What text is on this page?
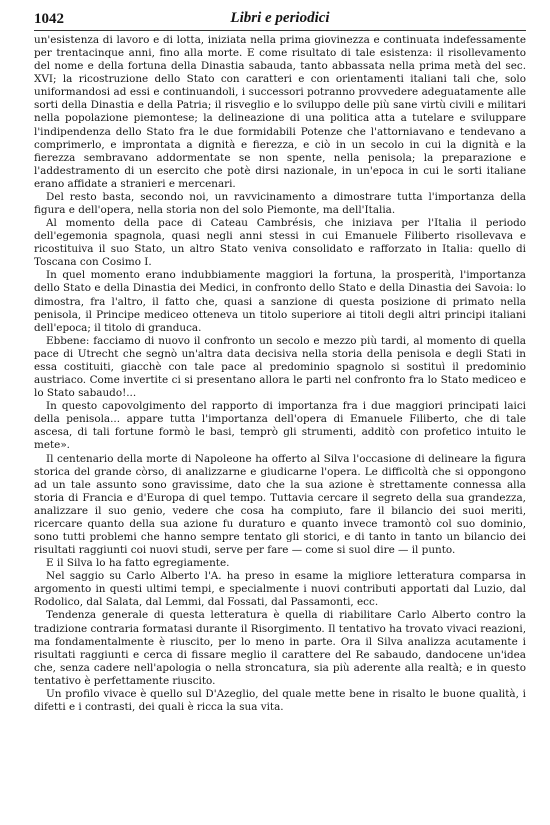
1042	Libri e periodici

un'esistenza di lavoro e di lotta, iniziata nella prima giovinezza e continuata indefessamente per trentacinque anni, fino alla morte. E come risultato di tale esistenza: il risollevamento del nome e della fortuna della Dinastia sabauda, tanto abbassata nella prima metà del sec. XVI; la ricostruzione dello Stato con caratteri e con orientamenti italiani tali che, solo uniformandosi ad essi e continuandoli, i successori potranno provvedere adeguatamente alle sorti della Dinastia e della Patria; il risveglio e lo sviluppo delle più sane virtù civili e militari nella popolazione piemontese; la delineazione di una politica atta a tutelare e sviluppare l'indipendenza dello Stato fra le due formidabili Potenze che l'attorniavano e tendevano a comprimerlo, e improntata a dignità e fierezza, e ciò in un secolo in cui la dignità e la fierezza sembravano addormentate se non spente, nella penisola; la preparazione e l'addestramento di un esercito che potè dirsi nazionale, in un'epoca in cui le sorti italiane erano affidate a stranieri e mercenari.

Del resto basta, secondo noi, un ravvicinamento a dimostrare tutta l'importanza della figura e dell'opera, nella storia non del solo Piemonte, ma dell'Italia.

Al momento della pace di Cateau Cambrésis, che iniziava per l'Italia il periodo dell'egemonia spagnola, quasi negli anni stessi in cui Emanuele Filiberto risollevava e ricostituiva il suo Stato, un altro Stato veniva consolidato e rafforzato in Italia: quello di Toscana con Cosimo I.

In quel momento erano indubbiamente maggiori la fortuna, la prosperità, l'importanza dello Stato e della Dinastia dei Medici, in confronto dello Stato e della Dinastia dei Savoia: lo dimostra, fra l'altro, il fatto che, quasi a sanzione di questa posizione di primato nella penisola, il Principe mediceo otteneva un titolo superiore ai titoli degli altri principi italiani dell'epoca; il titolo di granduca.

Ebbene: facciamo di nuovo il confronto un secolo e mezzo più tardi, al momento di quella pace di Utrecht che segnò un'altra data decisiva nella storia della penisola e degli Stati in essa costituiti, giacchè con tale pace al predominio spagnolo si sostituì il predominio austriaco. Come invertite ci si presentano allora le parti nel confronto fra lo Stato mediceo e lo Stato sabaudo!...

In questo capovolgimento del rapporto di importanza fra i due maggiori principati laici della penisola... appare tutta l'importanza dell'opera di Emanuele Filiberto, che di tale ascesa, di tali fortune formò le basi, temprò gli strumenti, additò con profetico intuito le mete».

Il centenario della morte di Napoleone ha offerto al Silva l'occasione di delineare la figura storica del grande còrso, di analizzarne e giudicarne l'opera. Le difficoltà che si oppongono ad un tale assunto sono gravissime, dato che la sua azione è strettamente connessa alla storia di Francia e d'Europa di quel tempo. Tuttavia cercare il segreto della sua grandezza, analizzare il suo genio, vedere che cosa ha compiuto, fare il bilancio dei suoi meriti, ricercare quanto della sua azione fu duraturo e quanto invece tramontò col suo dominio, sono tutti problemi che hanno sempre tentato gli storici, e di tanto in tanto un bilancio dei risultati raggiunti coi nuovi studi, serve per fare — come si suol dire — il punto.

E il Silva lo ha fatto egregiamente.

Nel saggio su Carlo Alberto l'A. ha preso in esame la migliore letteratura comparsa in argomento in questi ultimi tempi, e specialmente i nuovi contributi apportati dal Luzio, dal Rodolico, dal Salata, dal Lemmi, dal Fossati, dal Passamonti, ecc.

Tendenza generale di questa letteratura è quella di riabilitare Carlo Alberto contro la tradizione contraria formatasi durante il Risorgimento. Il tentativo ha trovato vivaci reazioni, ma fondamentalmente è riuscito, per lo meno in parte. Ora il Silva analizza acutamente i risultati raggiunti e cerca di fissare meglio il carattere del Re sabaudo, dandocene un'idea che, senza cadere nell'apologia o nella stroncatura, sia più aderente alla realtà; e in questo tentativo è perfettamente riuscito.

Un profilo vivace è quello sul D'Azeglio, del quale mette bene in risalto le buone qualità, i difetti e i contrasti, dei quali è ricca la sua vita.
